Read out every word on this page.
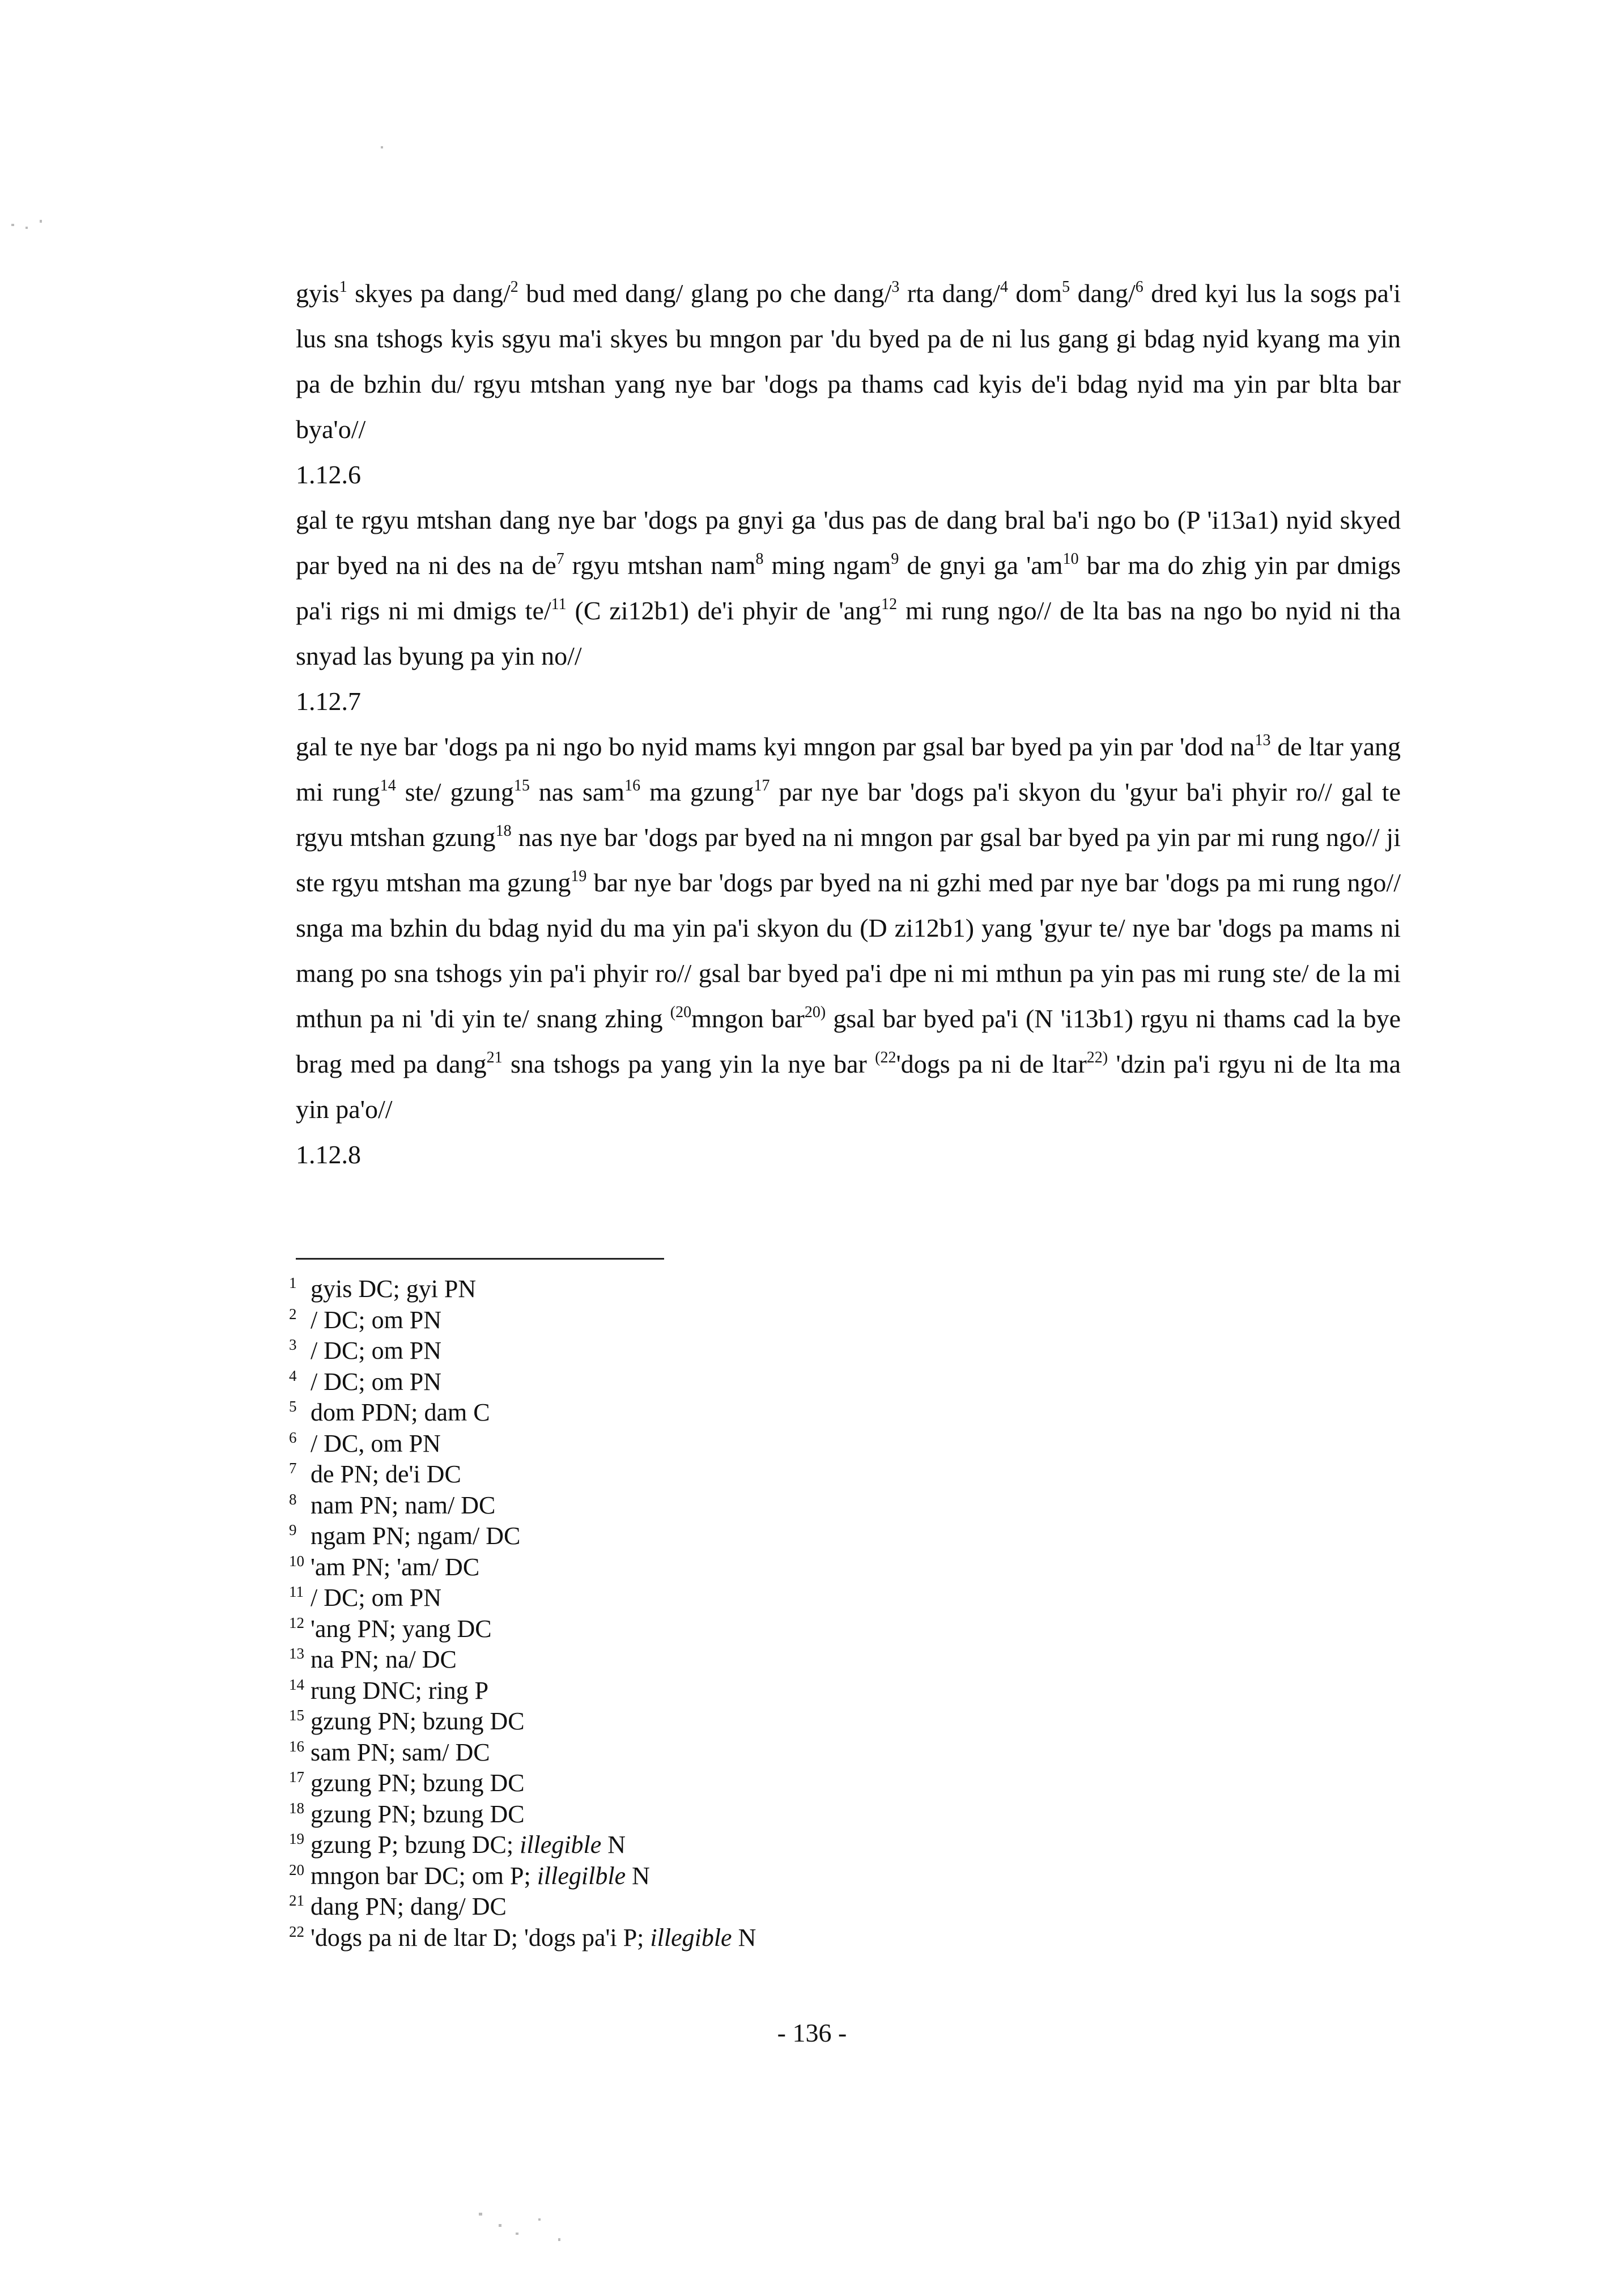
gyis$^1$ skyes pa dang/$^2$ bud med dang/ glang po che dang/$^3$ rta dang/$^4$ dom$^5$ dang/$^6$ dred kyi lus la sogs pa'i lus sna tshogs kyis sgyu ma'i skyes bu mngon par 'du byed pa de ni lus gang gi bdag nyid kyang ma yin pa de bzhin du/ rgyu mtshan yang nye bar 'dogs pa thams cad kyis de'i bdag nyid ma yin par blta bar bya'o//

1.12.6

gal te rgyu mtshan dang nye bar 'dogs pa gnyi ga 'dus pas de dang bral ba'i ngo bo (P 'i13a1) nyid skyed par byed na ni des na $de^7$ rgyu mtshan nam$^8$ ming ngam$^9$ de gnyi ga '$am^{10}$ bar ma do zhig yin par dmigs pa'i rigs ni mi dmigs te/$^{11}$ (C zi12b1) de'i phyir de 'ang$^{12}$ mi rung ngo// de lta bas na ngo bo nyid ni tha snyad las byung pa yin no//

1.12.7

gal te nye bar 'dogs pa ni ngo bo nyid mams kyi mngon par gsal bar byed pa yin par 'dod $na^{13}$ de ltar yang mi rung$^{14}$ ste/ gzung$^{15}$ nas sam$^{16}$ ma gzung$^{17}$ par nye bar 'dogs pa'i skyon du 'gyur ba'i phyir ro// gal te rgyu mtshan gzung$^{18}$ nas nye bar 'dogs par byed na ni mngon par gsal bar byed pa yin par mi rung ngo// ji ste rgyu mtshan ma gzung$^{19}$ bar nye bar 'dogs par byed na ni gzhi med par nye bar 'dogs pa mi rung ngo// snga ma bzhin du bdag nyid du ma yin pa'i skyon du (D zi12b1) yang 'gyur te/ nye bar 'dogs pa mams ni mang po sna tshogs yin pa'i phyir ro// gsal bar byed pa'i dpe ni mi mthun pa yin pas mi rung ste/ de la mi mthun pa ni 'di yin te/ snang zhing $^{(20}$mngon bar$^{20)}$ gsal bar byed pa'i (N 'i13b1) rgyu ni thams cad la bye brag med pa dang$^{21}$ sna tshogs pa yang yin la nye bar $^{(22}$'dogs pa ni de ltar$^{22)}$ 'dzin pa'i rgyu ni de lta ma yin pa'o//

1.12.8
1 gyis DC; gyi PN
2 / DC; om PN
3 / DC; om PN
4 / DC; om PN
5 dom PDN; dam C
6 / DC, om PN
7 de PN; de'i DC
8 nam PN; nam/ DC
9 ngam PN; ngam/ DC
10 'am PN; 'am/ DC
11 / DC; om PN
12 'ang PN; yang DC
13 na PN; na/ DC
14 rung DNC; ring P
15 gzung PN; bzung DC
16 sam PN; sam/ DC
17 gzung PN; bzung DC
18 gzung PN; bzung DC
19 gzung P; bzung DC; illegible N
20 mngon bar DC; om P; illegilble N
21 dang PN; dang/ DC
22 'dogs pa ni de ltar D; 'dogs pa'i P; illegible N
- 136 -
